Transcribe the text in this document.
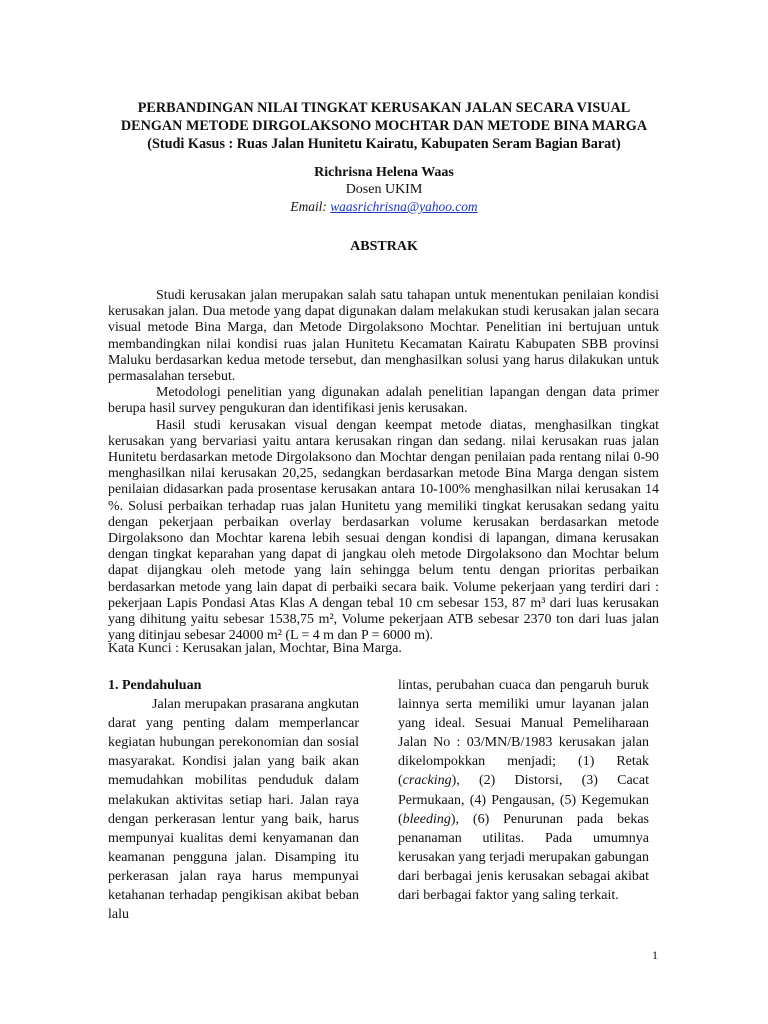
PERBANDINGAN NILAI TINGKAT KERUSAKAN JALAN SECARA VISUAL
DENGAN METODE DIRGOLAKSONO MOCHTAR DAN METODE BINA MARGA
(Studi Kasus : Ruas Jalan Hunitetu Kairatu, Kabupaten Seram Bagian Barat)
Richrisna Helena Waas
Dosen UKIM
Email: waasrichrisna@yahoo.com
ABSTRAK

Studi kerusakan jalan merupakan salah satu tahapan untuk menentukan penilaian kondisi kerusakan jalan. Dua metode yang dapat digunakan dalam melakukan studi kerusakan jalan secara visual metode Bina Marga, dan Metode Dirgolaksono Mochtar. Penelitian ini bertujuan untuk membandingkan nilai kondisi ruas jalan Hunitetu Kecamatan Kairatu Kabupaten SBB provinsi Maluku berdasarkan kedua metode tersebut, dan menghasilkan solusi yang harus dilakukan untuk permasalahan tersebut.

Metodologi penelitian yang digunakan adalah penelitian lapangan dengan data primer berupa hasil survey pengukuran dan identifikasi jenis kerusakan.

Hasil studi kerusakan visual dengan keempat metode diatas, menghasilkan tingkat kerusakan yang bervariasi yaitu antara kerusakan ringan dan sedang. nilai kerusakan ruas jalan Hunitetu berdasarkan metode Dirgolaksono dan Mochtar dengan penilaian pada rentang nilai 0-90 menghasilkan nilai kerusakan 20,25, sedangkan berdasarkan metode Bina Marga dengan sistem penilaian didasarkan pada prosentase kerusakan antara 10-100% menghasilkan nilai kerusakan 14 %. Solusi perbaikan terhadap ruas jalan Hunitetu yang memiliki tingkat kerusakan sedang yaitu dengan pekerjaan perbaikan overlay berdasarkan volume kerusakan berdasarkan metode Dirgolaksono dan Mochtar karena lebih sesuai dengan kondisi di lapangan, dimana kerusakan dengan tingkat keparahan yang dapat di jangkau oleh metode Dirgolaksono dan Mochtar belum dapat dijangkau oleh metode yang lain sehingga belum tentu dengan prioritas perbaikan berdasarkan metode yang lain dapat di perbaiki secara baik. Volume pekerjaan yang terdiri dari : pekerjaan Lapis Pondasi Atas Klas A dengan tebal 10 cm sebesar 153, 87 m³ dari luas kerusakan yang dihitung yaitu sebesar 1538,75 m², Volume pekerjaan ATB sebesar 2370 ton dari luas jalan yang ditinjau sebesar 24000 m² (L = 4 m dan P = 6000 m).

Kata Kunci : Kerusakan jalan, Mochtar, Bina Marga.

1. Pendahuluan

Jalan merupakan prasarana angkutan darat yang penting dalam memperlancar kegiatan hubungan perekonomian dan sosial masyarakat. Kondisi jalan yang baik akan memudahkan mobilitas penduduk dalam melakukan aktivitas setiap hari. Jalan raya dengan perkerasan lentur yang baik, harus mempunyai kualitas demi kenyamanan dan keamanan pengguna jalan. Disamping itu perkerasan jalan raya harus mempunyai ketahanan terhadap pengikisan akibat beban lalu

lintas, perubahan cuaca dan pengaruh buruk lainnya serta memiliki umur layanan jalan yang ideal. Sesuai Manual Pemeliharaan Jalan No : 03/MN/B/1983 kerusakan jalan dikelompokkan menjadi; (1) Retak (cracking), (2) Distorsi, (3) Cacat Permukaan, (4) Pengausan, (5) Kegemukan (bleeding), (6) Penurunan pada bekas penanaman utilitas. Pada umumnya kerusakan yang terjadi merupakan gabungan dari berbagai jenis kerusakan sebagai akibat dari berbagai faktor yang saling terkait.

1
